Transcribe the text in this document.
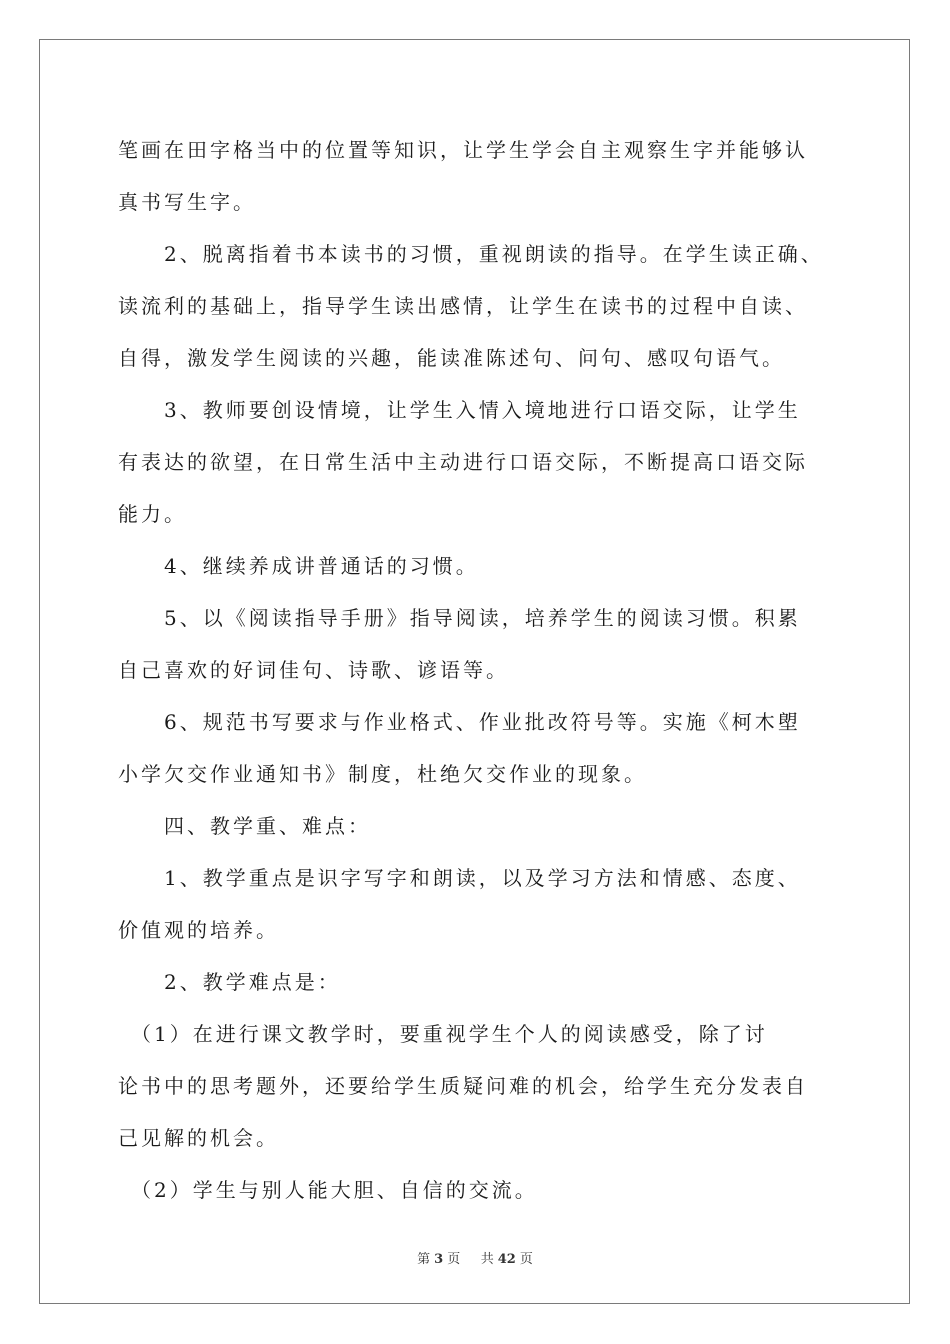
笔画在田字格当中的位置等知识，让学生学会自主观察生字并能够认
真书写生字。
　　2、脱离指着书本读书的习惯，重视朗读的指导。在学生读正确、
读流利的基础上，指导学生读出感情，让学生在读书的过程中自读、
自得，激发学生阅读的兴趣，能读准陈述句、问句、感叹句语气。
　　3、教师要创设情境，让学生入情入境地进行口语交际，让学生
有表达的欲望，在日常生活中主动进行口语交际，不断提高口语交际
能力。
　　4、继续养成讲普通话的习惯。
　　5、以《阅读指导手册》指导阅读，培养学生的阅读习惯。积累
自己喜欢的好词佳句、诗歌、谚语等。
　　6、规范书写要求与作业格式、作业批改符号等。实施《柯木塱
小学欠交作业通知书》制度，杜绝欠交作业的现象。
　　四、教学重、难点：
　　1、教学重点是识字写字和朗读，以及学习方法和情感、态度、
价值观的培养。
　　2、教学难点是：
　（1）在进行课文教学时，要重视学生个人的阅读感受，除了讨
论书中的思考题外，还要给学生质疑问难的机会，给学生充分发表自
己见解的机会。
　（2）学生与别人能大胆、自信的交流。
第 3 页 共 42 页
